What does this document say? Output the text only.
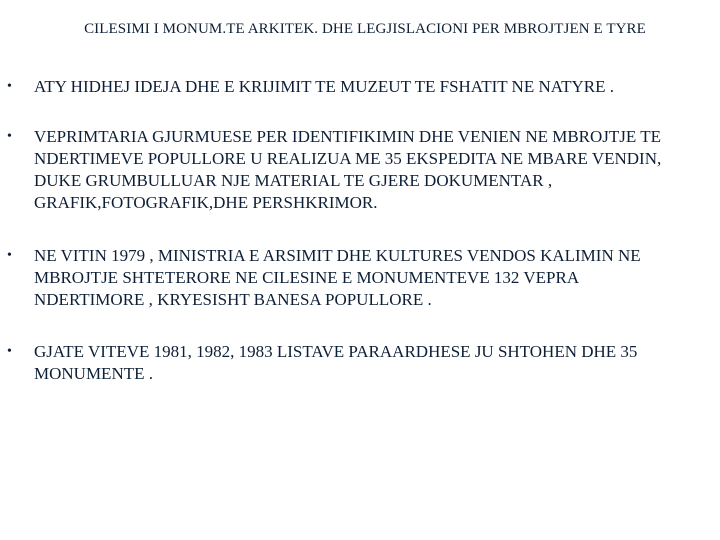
CILESIMI I MONUM.TE ARKITEK. DHE LEGJISLACIONI PER MBROJTJEN E TYRE
• ATY HIDHEJ IDEJA DHE E KRIJIMIT TE MUZEUT TE FSHATIT NE NATYRE .
• VEPRIMTARIA GJURMUESE PER IDENTIFIKIMIN DHE VENIEN NE MBROJTJE TE NDERTIMEVE POPULLORE U REALIZUA ME 35 EKSPEDITA NE MBARE VENDIN, DUKE GRUMBULLUAR NJE MATERIAL TE GJERE DOKUMENTAR , GRAFIK,FOTOGRAFIK,DHE PERSHKRIMOR.
• NE VITIN 1979 , MINISTRIA E ARSIMIT DHE KULTURES VENDOS KALIMIN NE MBROJTJE SHTETERORE NE CILESINE E MONUMENTEVE 132 VEPRA NDERTIMORE , KRYESISHT BANESA POPULLORE .
• GJATE VITEVE 1981, 1982, 1983 LISTAVE PARAARDHESE JU SHTOHEN DHE 35 MONUMENTE .
